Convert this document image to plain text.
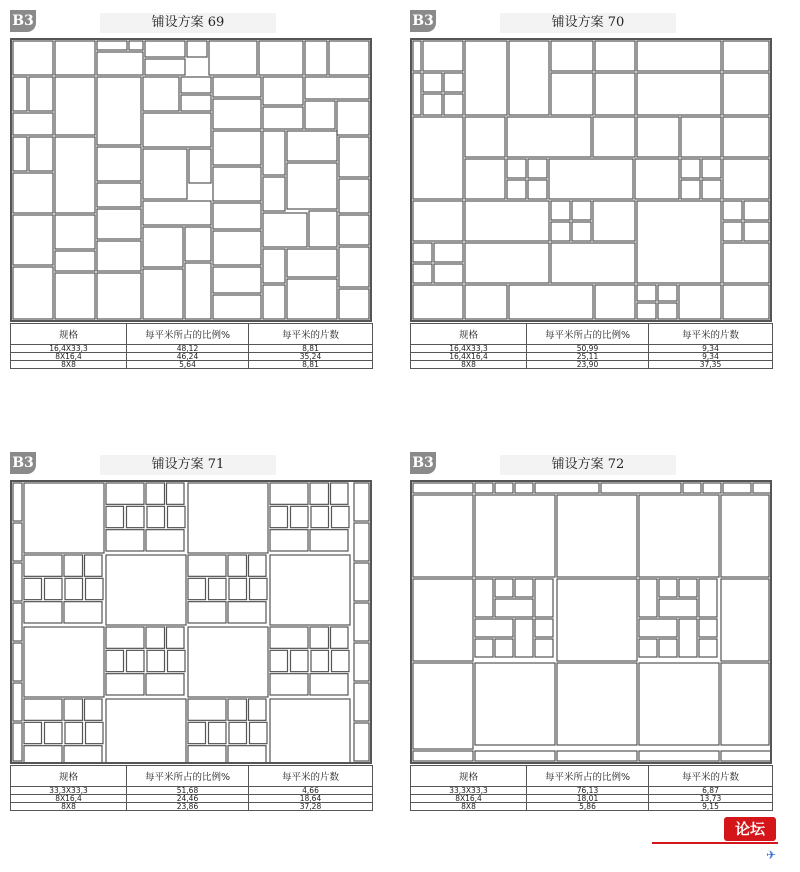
B3	铺设方案 69
规格	每平米所占的比例%	每平米的片数
16,4X33,3	48,12	8,81
8X16,4	46,24	35,24
8X8	5,64	8,81
B3	铺设方案 70
规格	每平米所占的比例%	每平米的片数
16,4X33,3	50,99	9,34
16,4X16,4	25,11	9,34
8X8	23,90	37,35
B3	铺设方案 71
规格	每平米所占的比例%	每平米的片数
33,3X33,3	51,68	4,66
8X16,4	24,46	18,64
8X8	23,86	37,28
B3	铺设方案 72
规格	每平米所占的比例%	每平米的片数
33,3X33,3	76,13	6,87
8X16,4	18,01	13,73
8X8	5,86	9,15
论坛
✈
